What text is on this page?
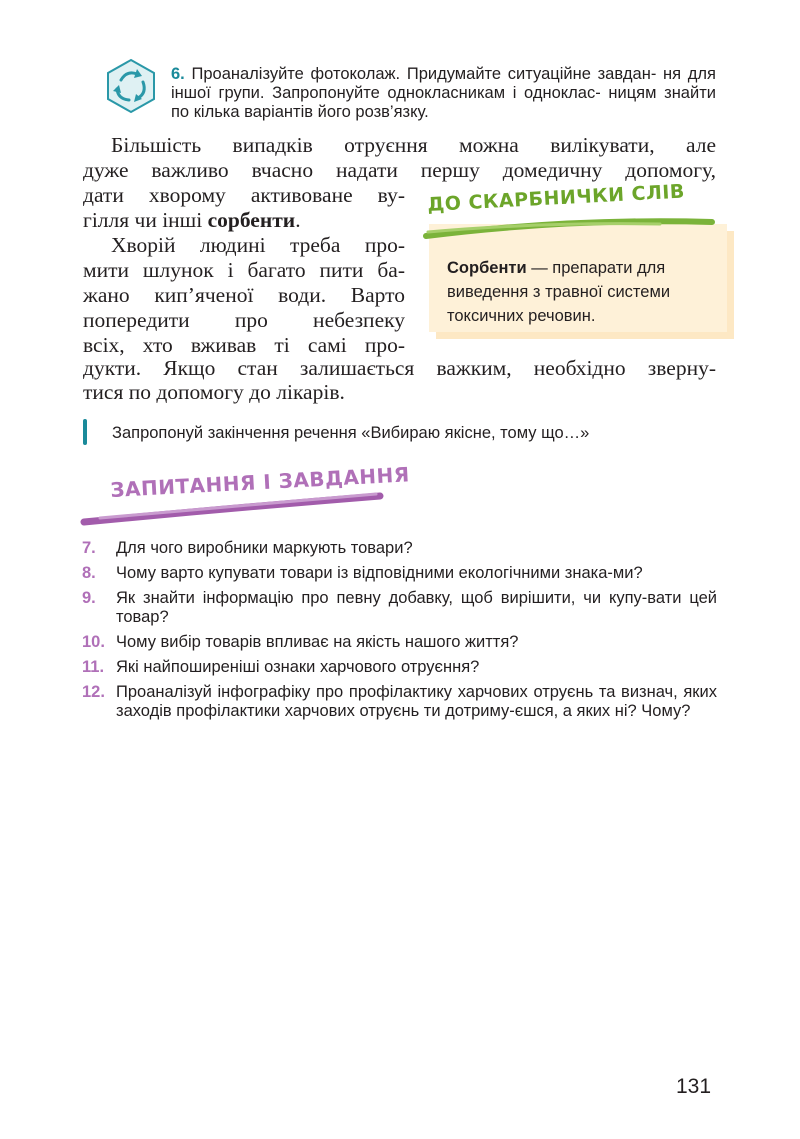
6. Проаналізуйте фотоколаж. Придумайте ситуаційне завдан- ня для іншої групи. Запропонуйте однокласникам і одноклас- ницям знайти по кілька варіантів його розв’язку.

Більшість випадків отруєння можна вилікувати, але
дуже важливо вчасно надати першу домедичну допомогу,
дати хворому активоване ву-
гілля чи інші сорбенти.
Хворій людині треба про-
мити шлунок і багато пити ба-
жано кип’яченої води. Варто
попередити про небезпеку
всіх, хто вживав ті самі про-
дукти. Якщо стан залишається важким, необхідно зверну-
тися по допомогу до лікарів.
ДО СКАРБНИЧКИ СЛІВ

Сорбенти — препарати для
виведення з травної системи
токсичних речовин.

Запропонуй закінчення речення «Вибираю якісне, тому що…»
ЗАПИТАННЯ І ЗАВДАННЯ
7.	Для чого виробники маркують товари?
8.	Чому варто купувати товари із відповідними екологічними знака-ми?
9.	Як знайти інформацію про певну добавку, щоб вирішити, чи купу-вати цей товар?
10. Чому вибір товарів впливає на якість нашого життя?
11. Які найпоширеніші ознаки харчового отруєння?
12. Проаналізуй інфографіку про профілактику харчових отруєнь та визнач, яких заходів профілактики харчових отруєнь ти дотриму-єшся, а яких ні? Чому?
131
